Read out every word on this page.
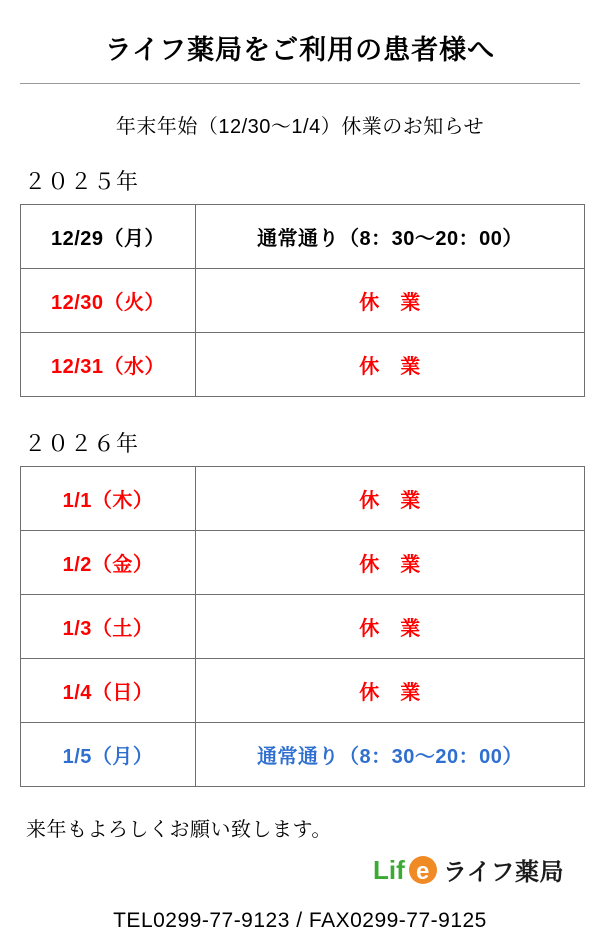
ライフ薬局をご利用の患者様へ
年末年始（12/30〜1/4）休業のお知らせ
２０２５年
12/29（月）	通常通り（8：30〜20：00）
12/30（火）	休　業
12/31（水）	休　業
２０２６年
1/1（木）	休　業
1/2（金）	休　業
1/3（土）	休　業
1/4（日）	休　業
1/5（月）	通常通り（8：30〜20：00）
来年もよろしくお願い致します。
Lif e ライフ薬局
TEL0299-77-9123 / FAX0299-77-9125
